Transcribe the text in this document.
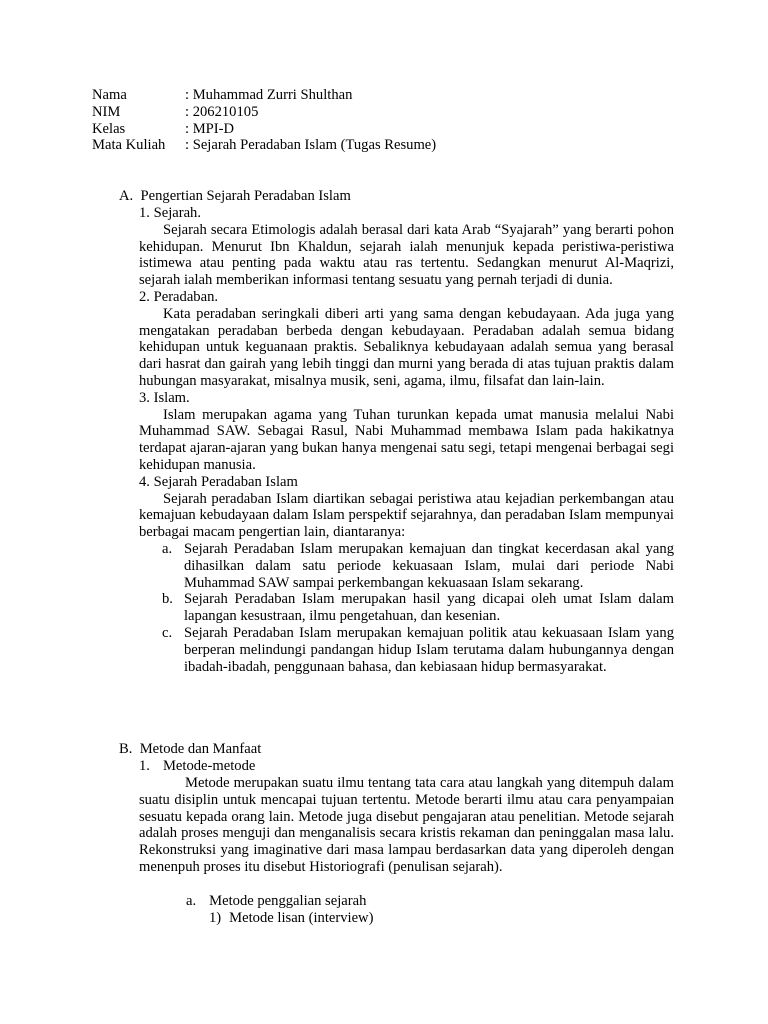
Nama	: Muhammad Zurri Shulthan
NIM	: 206210105
Kelas	: MPI-D
Mata Kuliah : Sejarah Peradaban Islam (Tugas Resume)
A. Pengertian Sejarah Peradaban Islam

1. Sejarah.

Sejarah secara Etimologis adalah berasal dari kata Arab “Syajarah” yang berarti pohon kehidupan. Menurut Ibn Khaldun, sejarah ialah menunjuk kepada peristiwa-peristiwa istimewa atau penting pada waktu atau ras tertentu. Sedangkan menurut Al-Maqrizi, sejarah ialah memberikan informasi tentang sesuatu yang pernah terjadi di dunia.

2. Peradaban.

Kata peradaban seringkali diberi arti yang sama dengan kebudayaan. Ada juga yang mengatakan peradaban berbeda dengan kebudayaan. Peradaban adalah semua bidang kehidupan untuk keguanaan praktis. Sebaliknya kebudayaan adalah semua yang berasal dari hasrat dan gairah yang lebih tinggi dan murni yang berada di atas tujuan praktis dalam hubungan masyarakat, misalnya musik, seni, agama, ilmu, filsafat dan lain-lain.

3. Islam.

Islam merupakan agama yang Tuhan turunkan kepada umat manusia melalui Nabi Muhammad SAW. Sebagai Rasul, Nabi Muhammad membawa Islam pada hakikatnya terdapat ajaran-ajaran yang bukan hanya mengenai satu segi, tetapi mengenai berbagai segi kehidupan manusia.

4. Sejarah Peradaban Islam

Sejarah peradaban Islam diartikan sebagai peristiwa atau kejadian perkembangan atau kemajuan kebudayaan dalam Islam perspektif sejarahnya, dan peradaban Islam mempunyai berbagai macam pengertian lain, diantaranya:

a. Sejarah Peradaban Islam merupakan kemajuan dan tingkat kecerdasan akal yang dihasilkan dalam satu periode kekuasaan Islam, mulai dari periode Nabi Muhammad SAW sampai perkembangan kekuasaan Islam sekarang.

b. Sejarah Peradaban Islam merupakan hasil yang dicapai oleh umat Islam dalam lapangan kesustraan, ilmu pengetahuan, dan kesenian.

c. Sejarah Peradaban Islam merupakan kemajuan politik atau kekuasaan Islam yang berperan melindungi pandangan hidup Islam terutama dalam hubungannya dengan ibadah-ibadah, penggunaan bahasa, dan kebiasaan hidup bermasyarakat.

B. Metode dan Manfaat
1. Metode-metode

Metode merupakan suatu ilmu tentang tata cara atau langkah yang ditempuh dalam suatu disiplin untuk mencapai tujuan tertentu. Metode berarti ilmu atau cara penyampaian sesuatu kepada orang lain. Metode juga disebut pengajaran atau penelitian. Metode sejarah adalah proses menguji dan menganalisis secara kristis rekaman dan peninggalan masa lalu. Rekonstruksi yang imaginative dari masa lampau berdasarkan data yang diperoleh dengan menenpuh proses itu disebut Historiografi (penulisan sejarah).

a. Metode penggalian sejarah
1) Metode lisan (interview)
